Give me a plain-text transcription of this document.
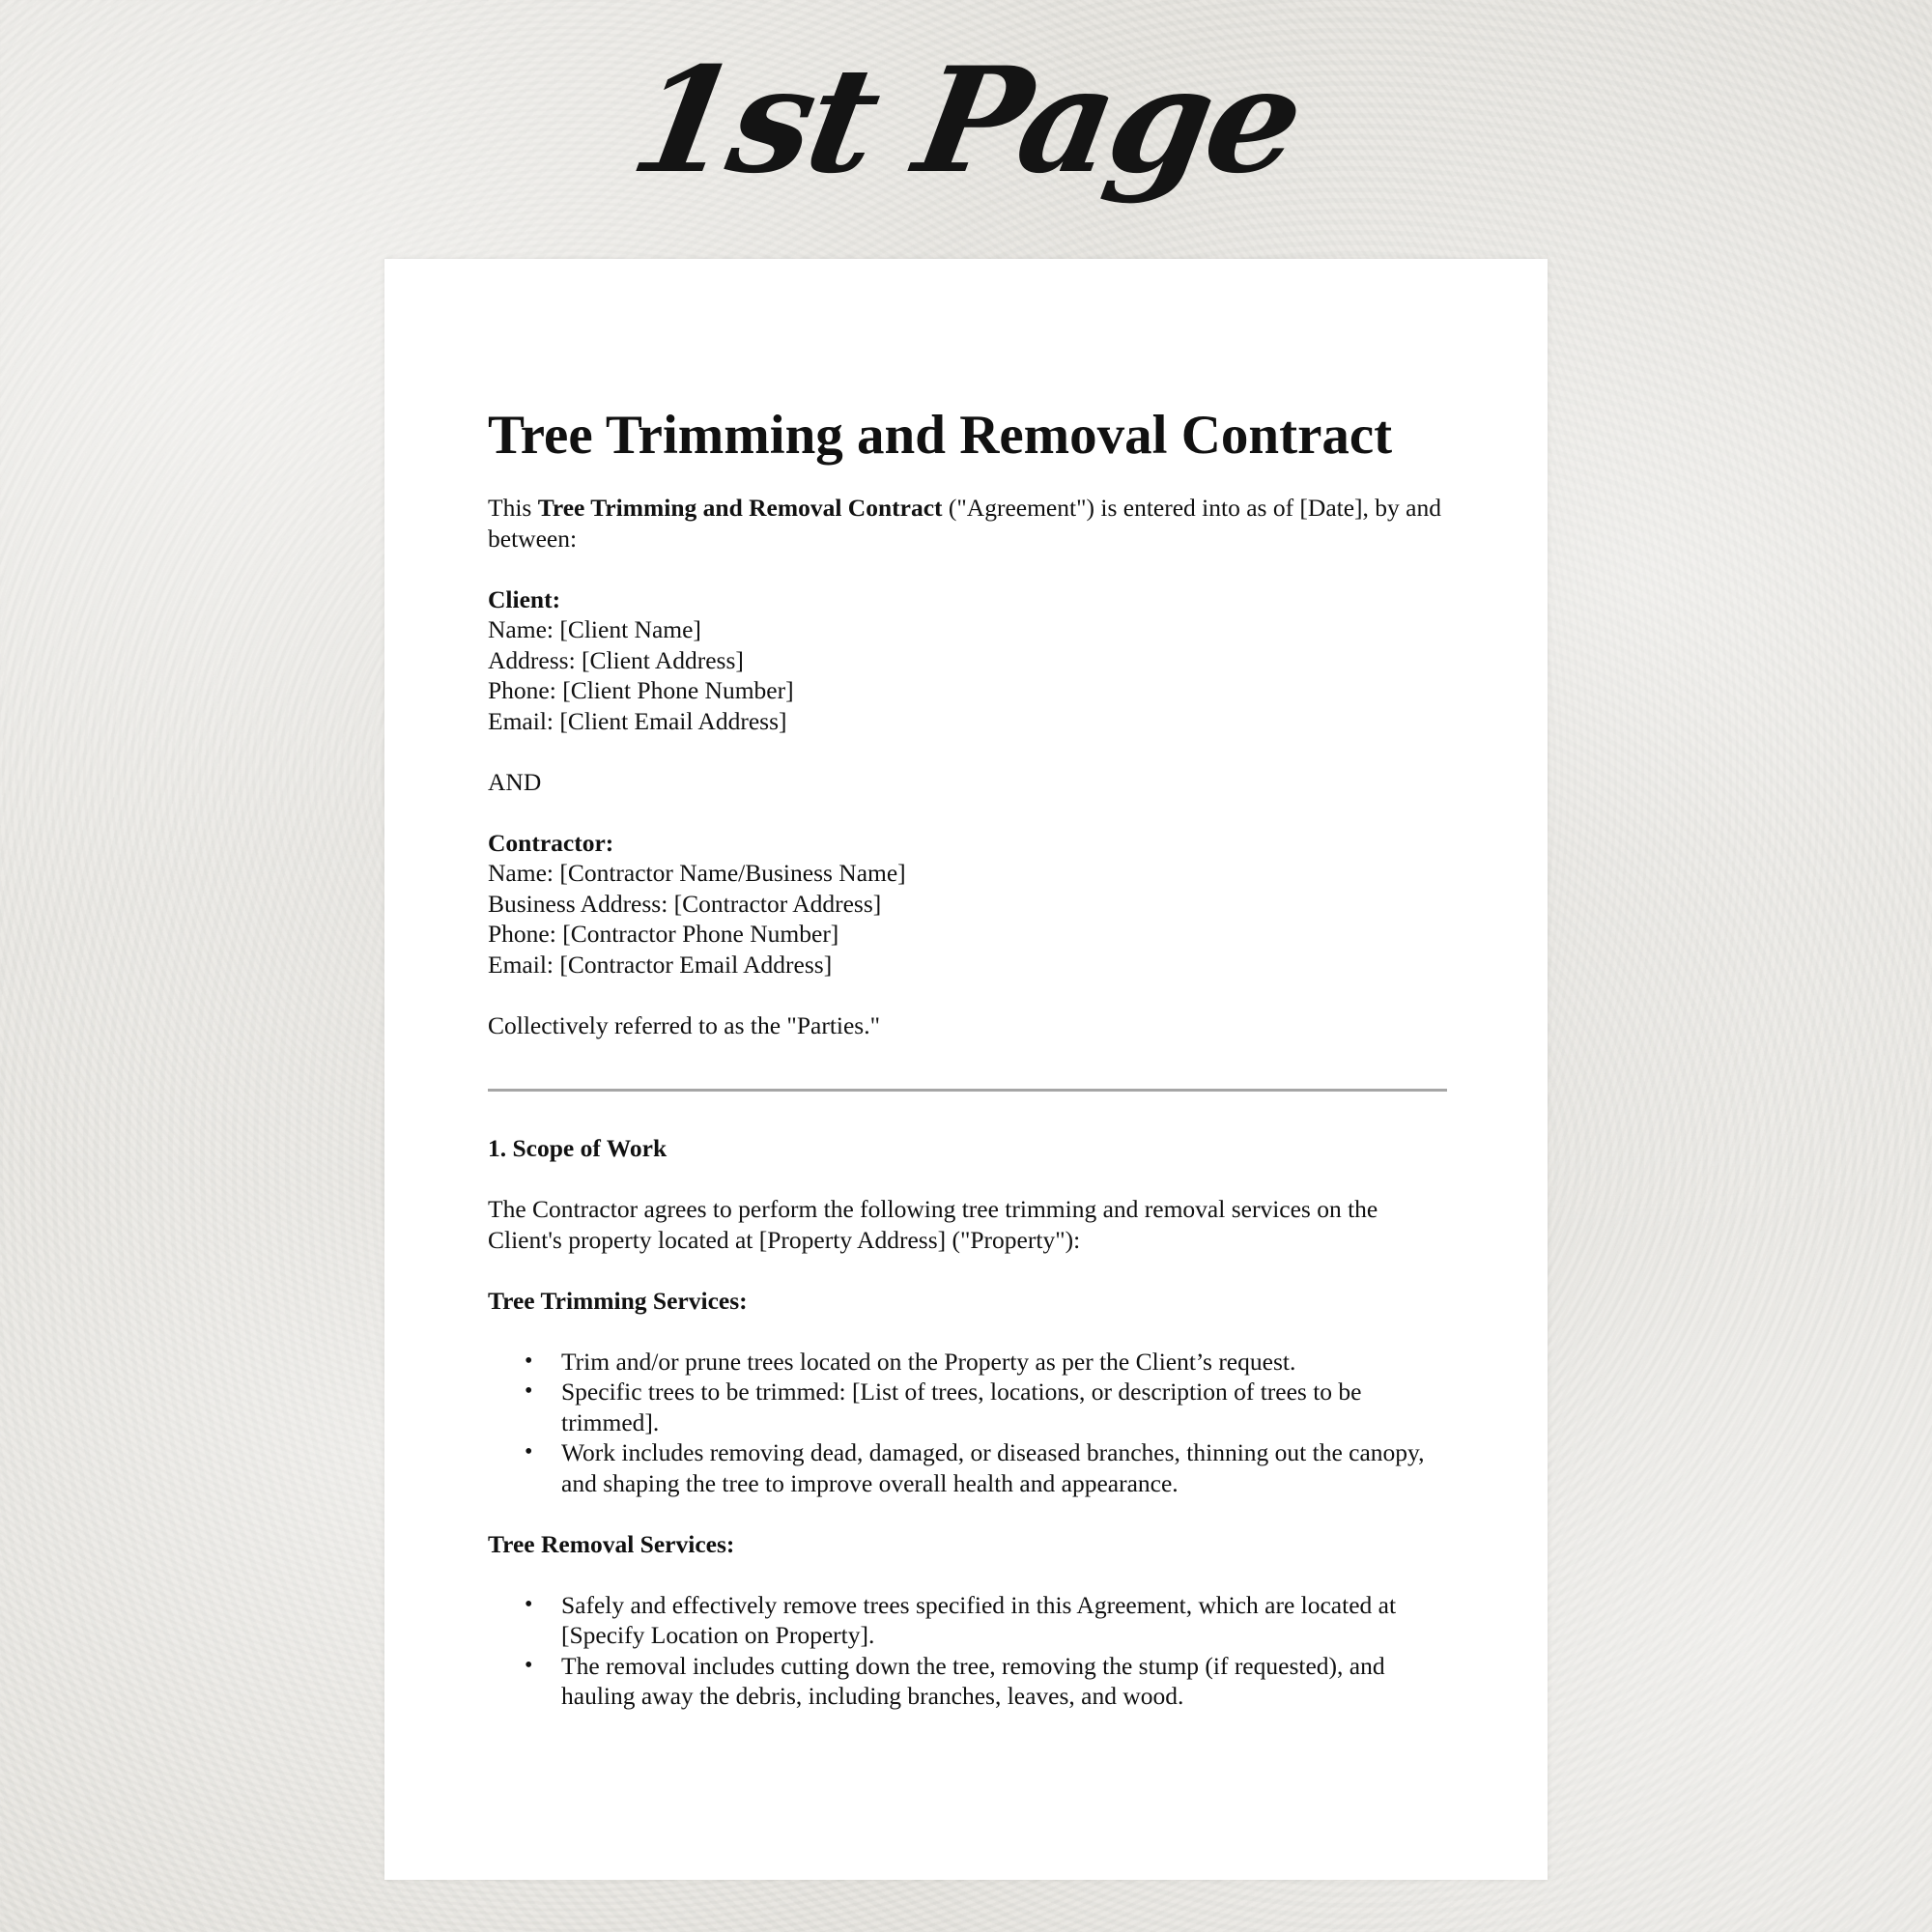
1st Page
Tree Trimming and Removal Contract

This Tree Trimming and Removal Contract ("Agreement") is entered into as of [Date], by and between:

Client:

Name: [Client Name]

Address: [Client Address]

Phone: [Client Phone Number]

Email: [Client Email Address]

AND

Contractor:

Name: [Contractor Name/Business Name]

Business Address: [Contractor Address]

Phone: [Contractor Phone Number]

Email: [Contractor Email Address]

Collectively referred to as the "Parties."

1. Scope of Work

The Contractor agrees to perform the following tree trimming and removal services on the Client's property located at [Property Address] ("Property"):

Tree Trimming Services:

• Trim and/or prune trees located on the Property as per the Client’s request.
• Specific trees to be trimmed: [List of trees, locations, or description of trees to be trimmed].
• Work includes removing dead, damaged, or diseased branches, thinning out the canopy, and shaping the tree to improve overall health and appearance.

Tree Removal Services:

• Safely and effectively remove trees specified in this Agreement, which are located at [Specify Location on Property].
• The removal includes cutting down the tree, removing the stump (if requested), and hauling away the debris, including branches, leaves, and wood.
